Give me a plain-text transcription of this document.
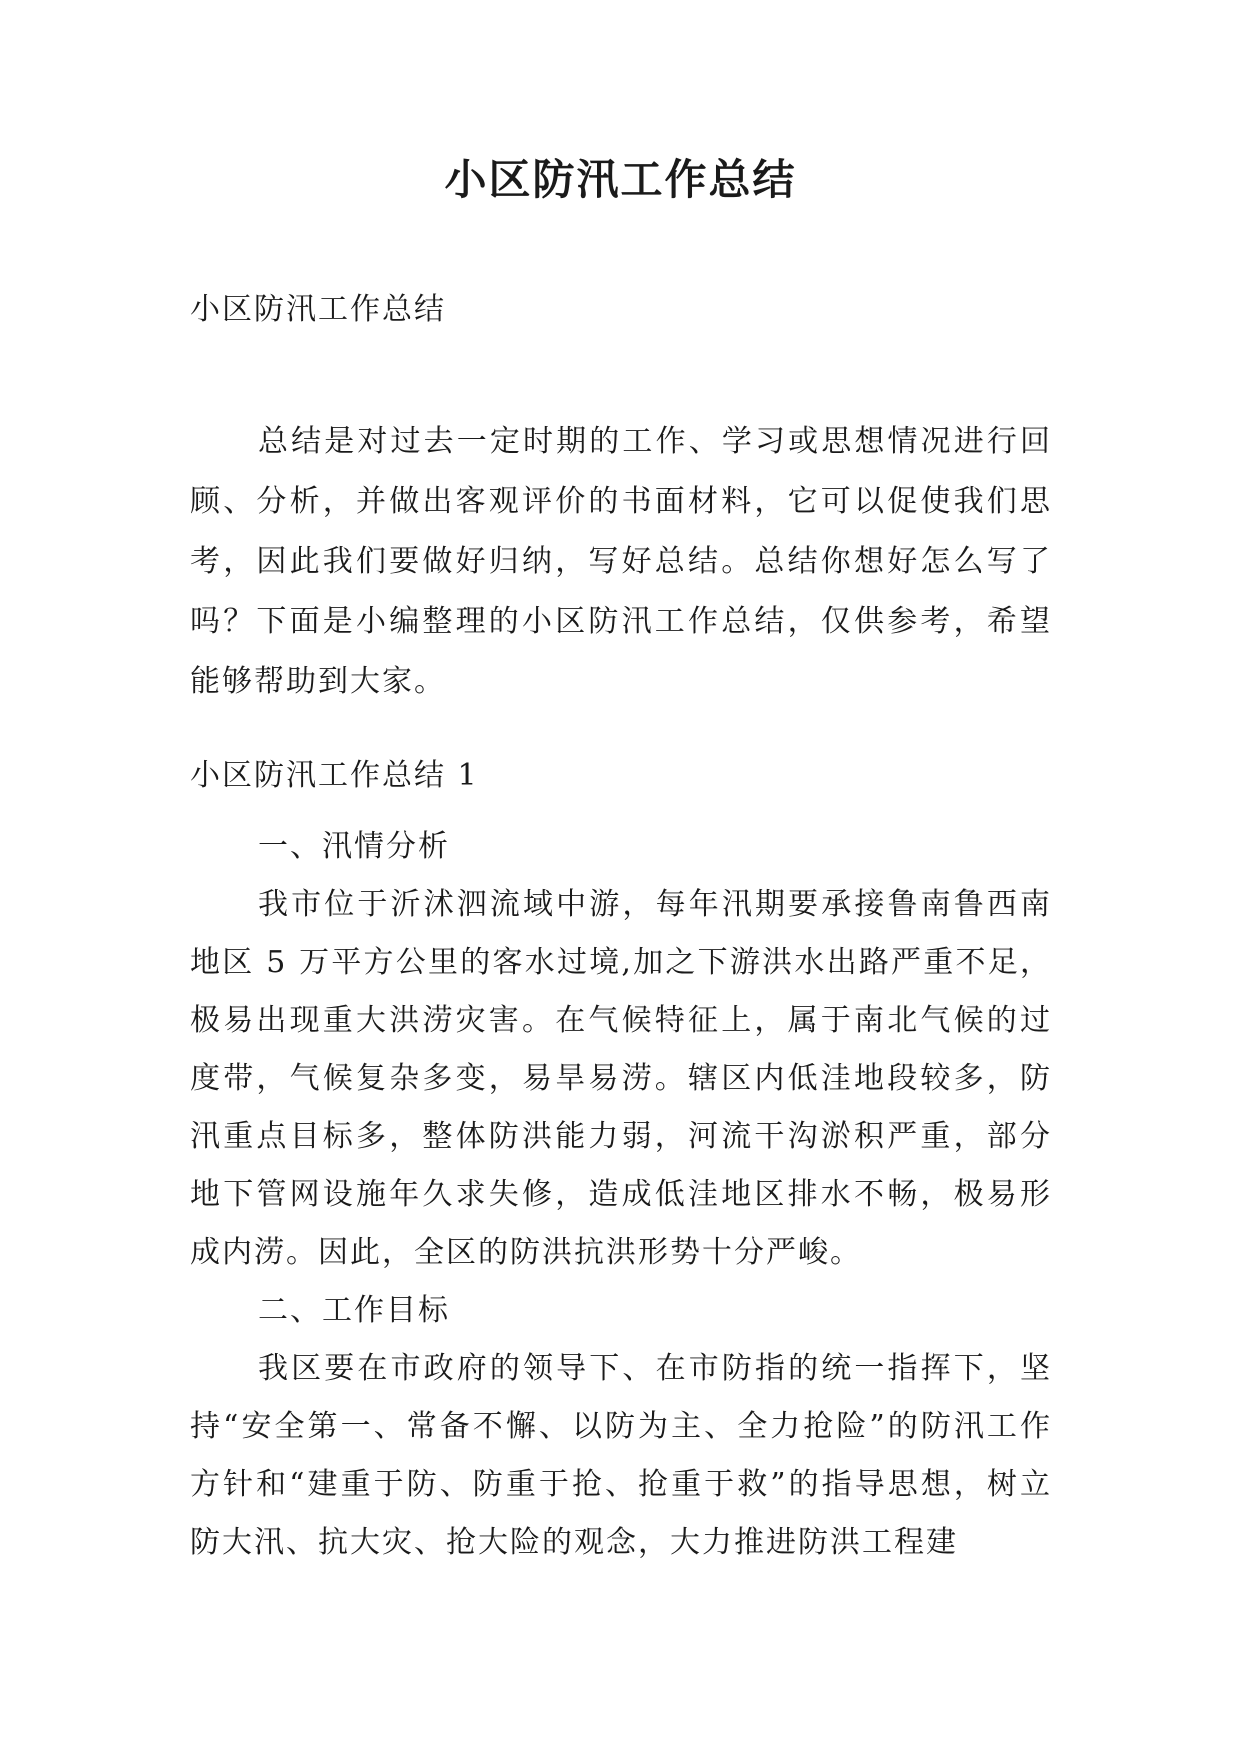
小区防汛工作总结

小区防汛工作总结

总结是对过去一定时期的工作、学习或思想情况进行回顾、分析，并做出客观评价的书面材料，它可以促使我们思考，因此我们要做好归纳，写好总结。总结你想好怎么写了吗？下面是小编整理的小区防汛工作总结，仅供参考，希望能够帮助到大家。

小区防汛工作总结 1

一、汛情分析

我市位于沂沭泗流域中游，每年汛期要承接鲁南鲁西南地区 5 万平方公里的客水过境,加之下游洪水出路严重不足，极易出现重大洪涝灾害。在气候特征上，属于南北气候的过度带，气候复杂多变，易旱易涝。辖区内低洼地段较多，防汛重点目标多，整体防洪能力弱，河流干沟淤积严重，部分地下管网设施年久求失修，造成低洼地区排水不畅，极易形成内涝。因此，全区的防洪抗洪形势十分严峻。

二、工作目标

我区要在市政府的领导下、在市防指的统一指挥下，坚持“安全第一、常备不懈、以防为主、全力抢险”的防汛工作方针和“建重于防、防重于抢、抢重于救”的指导思想，树立防大汛、抗大灾、抢大险的观念，大力推进防洪工程建
